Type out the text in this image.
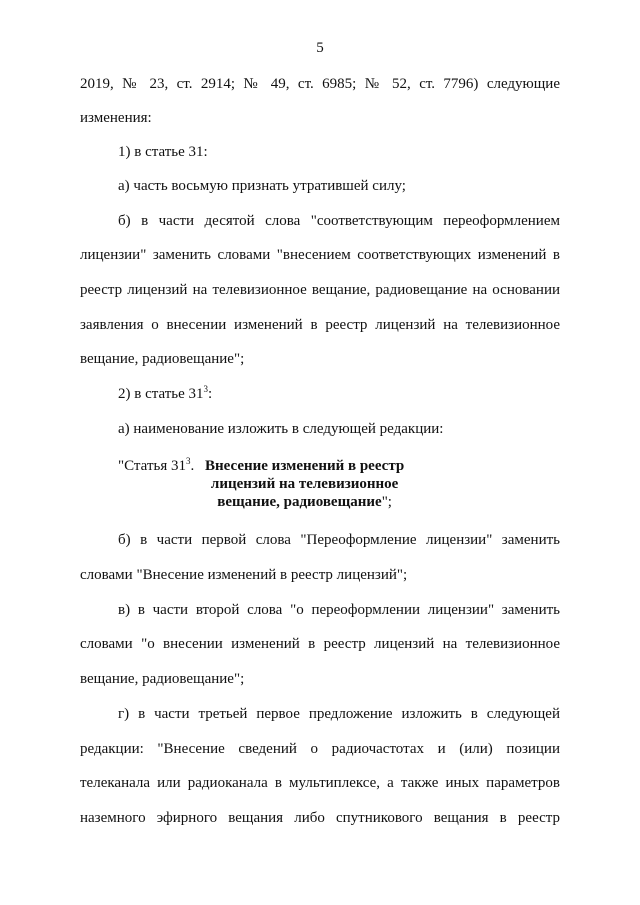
5
2019, № 23, ст. 2914; № 49, ст. 6985; № 52, ст. 7796) следующие
изменения:
1) в статье 31:
а) часть восьмую признать утратившей силу;
б) в части десятой слова "соответствующим переоформлением
лицензии" заменить словами "внесением соответствующих изменений в
реестр лицензий на телевизионное вещание, радиовещание на основании
заявления о внесении изменений в реестр лицензий на телевизионное
вещание, радиовещание";
2) в статье $31^3$:
а) наименование изложить в следующей редакции:
"Статья $31^3$. Внесение изменений в реестр
лицензий на телевизионное
вещание, радиовещание";
б) в части первой слова "Переоформление лицензии" заменить
словами "Внесение изменений в реестр лицензий";
в) в части второй слова "о переоформлении лицензии" заменить
словами "о внесении изменений в реестр лицензий на телевизионное
вещание, радиовещание";
г) в части третьей первое предложение изложить в следующей
редакции: "Внесение сведений о радиочастотах и (или) позиции
телеканала или радиоканала в мультиплексе, а также иных параметров
наземного эфирного вещания либо спутникового вещания в реестр
